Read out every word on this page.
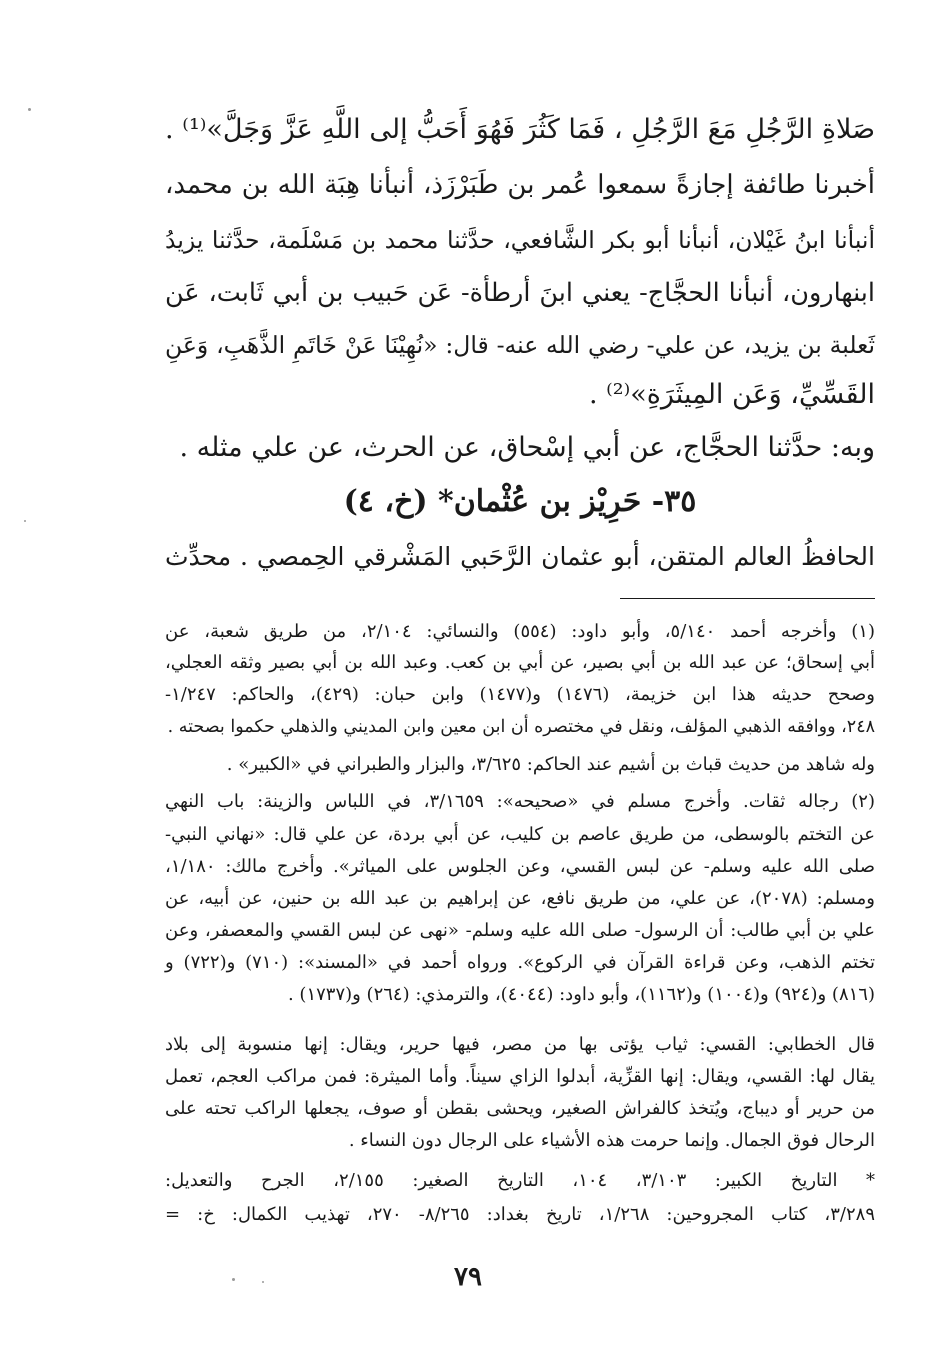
صَلاةِ الرَّجُلِ مَعَ الرَّجُلِ ، فَمَا كَثُرَ فَهُوَ أَحَبُّ إلى اللَّهِ عَزَّ وَجَلَّ»⁽¹⁾ .
أخبرنا طائفة إجازةً سمعوا عُمر بن طَبَرْزَذ، أنبأنا هِبَة الله بن محمد،
أنبأنا ابنُ غَيْلان، أنبأنا أبو بكر الشَّافعي، حدَّثنا محمد بن مَسْلَمة، حدَّثنا يزيدُ
ابنهارون، أنبأنا الحجَّاج- يعني ابنَ أرطأة- عَن حَبيب بن أبي ثَابت، عَن
ثَعلبة بن يزيد، عن علي- رضي الله عنه- قال: «نُهِيْنَا عَنْ خَاتَمِ الذَّهَبِ، وَعَنِ
القَسِّيِّ، وَعَن المِيثَرَةِ»⁽²⁾ .
وبه: حدَّثنا الحجَّاج، عن أبي إسْحاق، عن الحرث، عن علي مثله .
٣٥- حَرِيْز بن عُثْمان* (خ، ٤)
الحافظُ العالم المتقن، أبو عثمان الرَّحَبي المَشْرقي الحِمصي . محدِّث
(١) وأخرجه أحمد ٥/١٤٠، وأبو داود: (٥٥٤) والنسائي: ٢/١٠٤، من طريق شعبة، عن
أبي إسحاق؛ عن عبد الله بن أبي بصير، عن أبي بن كعب. وعبد الله بن أبي بصير وثقه العجلي،
وصحح حديثه هذا ابن خزيمة، (١٤٧٦) و(١٤٧٧) وابن حبان: (٤٢٩)، والحاكم: ١/٢٤٧-
٢٤٨، ووافقه الذهبي المؤلف، ونقل في مختصره أن ابن معين وابن المديني والذهلي حكموا بصحته .
وله شاهد من حديث قباث بن أشيم عند الحاكم: ٣/٦٢٥، والبزار والطبراني في «الكبير» .
(٢) رجاله ثقات. وأخرج مسلم في «صحيحه»: ٣/١٦٥٩، في اللباس والزينة: باب النهي
عن التختم بالوسطى، من طريق عاصم بن كليب، عن أبي بردة، عن علي قال: «نهاني النبي-
صلى الله عليه وسلم- عن لبس القسي، وعن الجلوس على المياثر». وأخرج مالك: ١/١٨٠،
ومسلم: (٢٠٧٨)، عن علي، من طريق نافع، عن إبراهيم بن عبد الله بن حنين، عن أبيه، عن
علي بن أبي طالب: أن الرسول- صلى الله عليه وسلم- «نهى عن لبس القسي والمعصفر، وعن
تختم الذهب، وعن قراءة القرآن في الركوع». ورواه أحمد في «المسند»: (٧١٠) و(٧٢٢) و
(٨١٦) و(٩٢٤) و(١٠٠٤) و(١١٦٢)، وأبو داود: (٤٠٤٤)، والترمذي: (٢٦٤) و(١٧٣٧) .
قال الخطابي: القسي: ثياب يؤتى بها من مصر، فيها حرير، ويقال: إنها منسوبة إلى بلاد
يقال لها: القسي، ويقال: إنها القزِّية، أبدلوا الزاي سيناً. وأما الميثرة: فمن مراكب العجم، تعمل
من حرير أو ديباج، ويُتخذ كالفراش الصغير، ويحشى بقطن أو صوف، يجعلها الراكب تحته على
الرحال فوق الجمال. وإنما حرمت هذه الأشياء على الرجال دون النساء .
* التاريخ الكبير: ٣/١٠٣، ١٠٤، التاريخ الصغير: ٢/١٥٥، الجرح والتعديل:
٣/٢٨٩، كتاب المجروحين: ١/٢٦٨، تاريخ بغداد: ٨/٢٦٥- ٢٧٠، تهذيب الكمال: خ: =
٧٩
